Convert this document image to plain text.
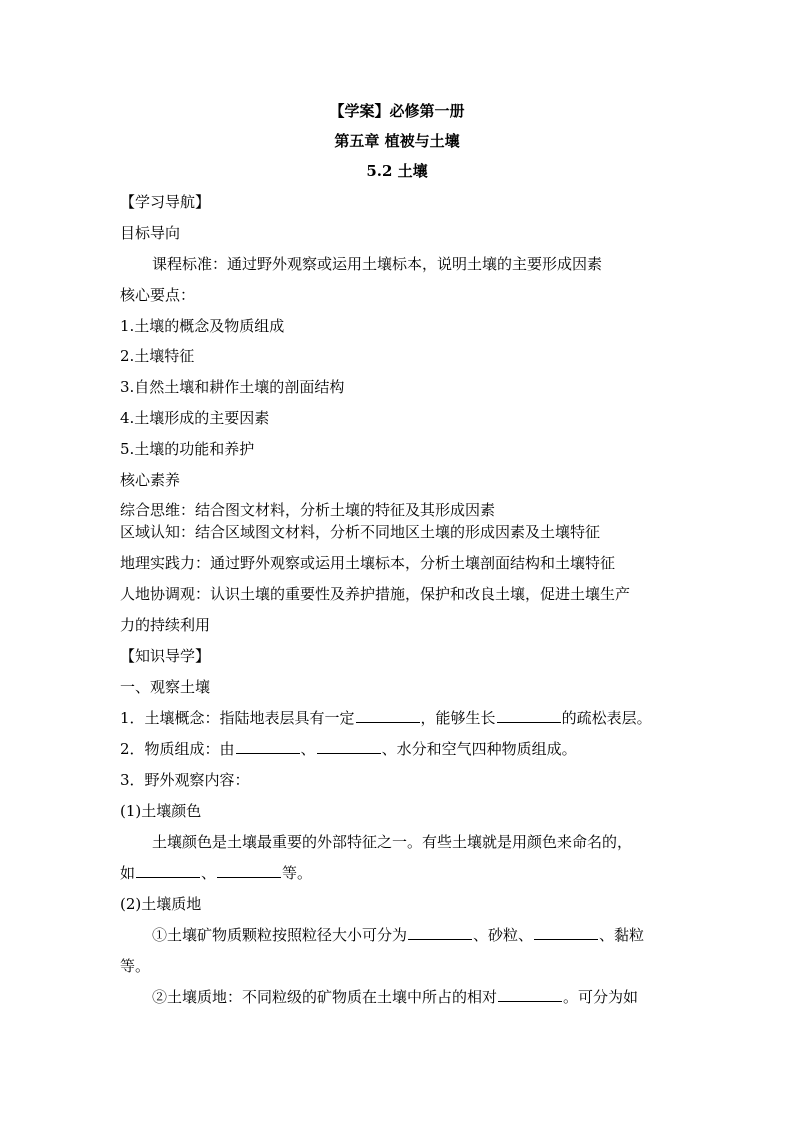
【学案】必修第一册
第五章 植被与土壤
5.2 土壤
【学习导航】
目标导向
课程标准：通过野外观察或运用土壤标本，说明土壤的主要形成因素
核心要点：
1.土壤的概念及物质组成
2.土壤特征
3.自然土壤和耕作土壤的剖面结构
4.土壤形成的主要因素
5.土壤的功能和养护
核心素养
综合思维：结合图文材料，分析土壤的特征及其形成因素
区域认知：结合区域图文材料，分析不同地区土壤的形成因素及土壤特征
地理实践力：通过野外观察或运用土壤标本，分析土壤剖面结构和土壤特征
人地协调观：认识土壤的重要性及养护措施，保护和改良土壤，促进土壤生产
力的持续利用
【知识导学】
一、观察土壤
1．土壤概念：指陆地表层具有一定	，能够生长	的疏松表层。
2．物质组成：由	、	、水分和空气四种物质组成。
3．野外观察内容：
(1)土壤颜色
土壤颜色是土壤最重要的外部特征之一。有些土壤就是用颜色来命名的，
如	、	等。
(2)土壤质地
①土壤矿物质颗粒按照粒径大小可分为	、砂粒、	、黏粒
等。
②土壤质地：不同粒级的矿物质在土壤中所占的相对	。可分为如
